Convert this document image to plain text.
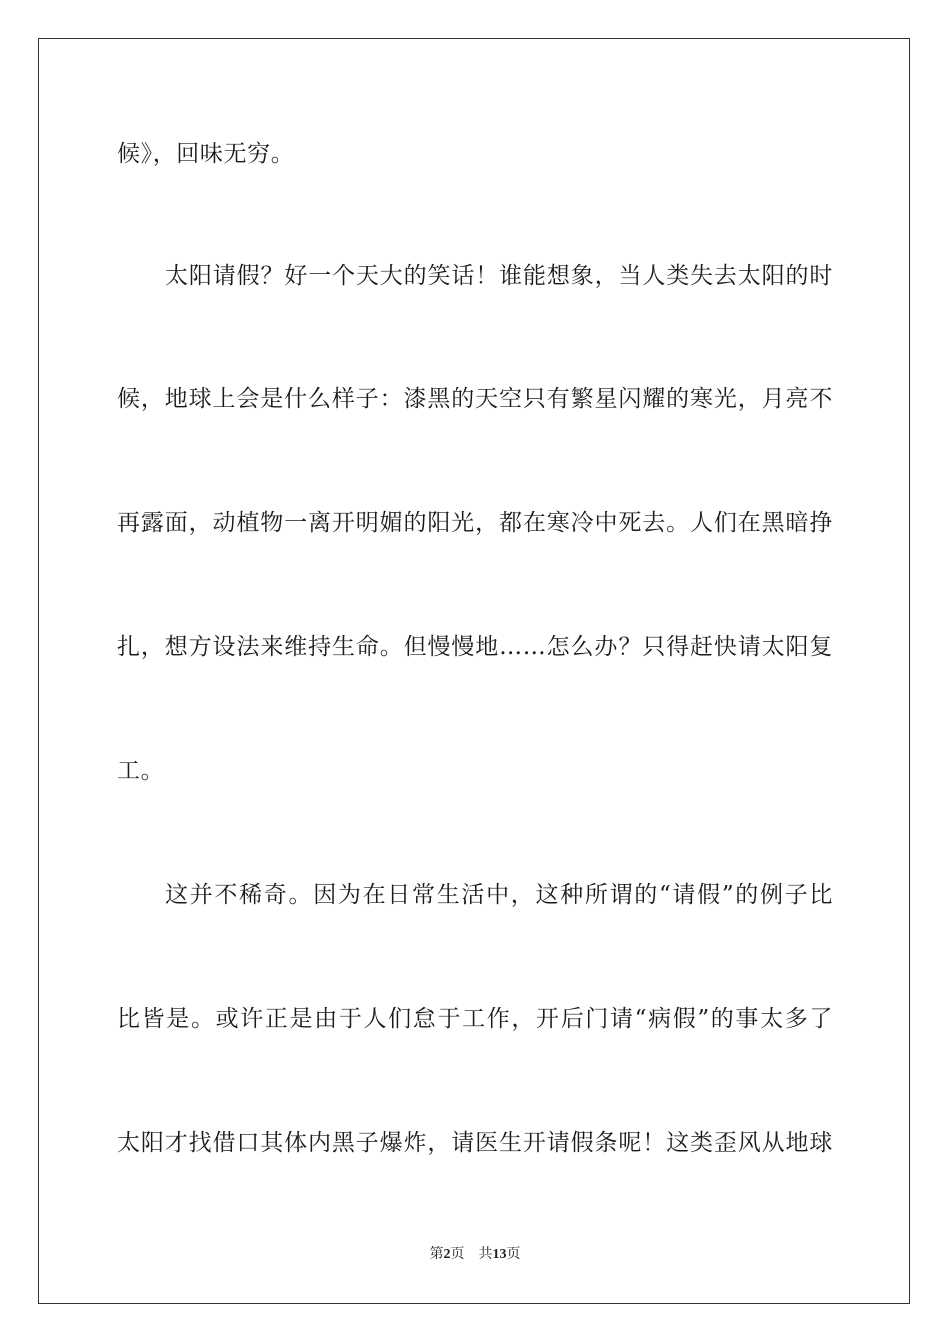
候》，回味无穷。
太阳请假？好一个天大的笑话！谁能想象，当人类失去太阳的时
候，地球上会是什么样子：漆黑的天空只有繁星闪耀的寒光，月亮不
再露面，动植物一离开明媚的阳光，都在寒冷中死去。人们在黑暗挣
扎，想方设法来维持生命。但慢慢地……怎么办？只得赶快请太阳复
工。
这并不稀奇。因为在日常生活中，这种所谓的“请假”的例子比
比皆是。或许正是由于人们怠于工作，开后门请“病假”的事太多了
太阳才找借口其体内黑子爆炸，请医生开请假条呢！这类歪风从地球
第2页 共13页
